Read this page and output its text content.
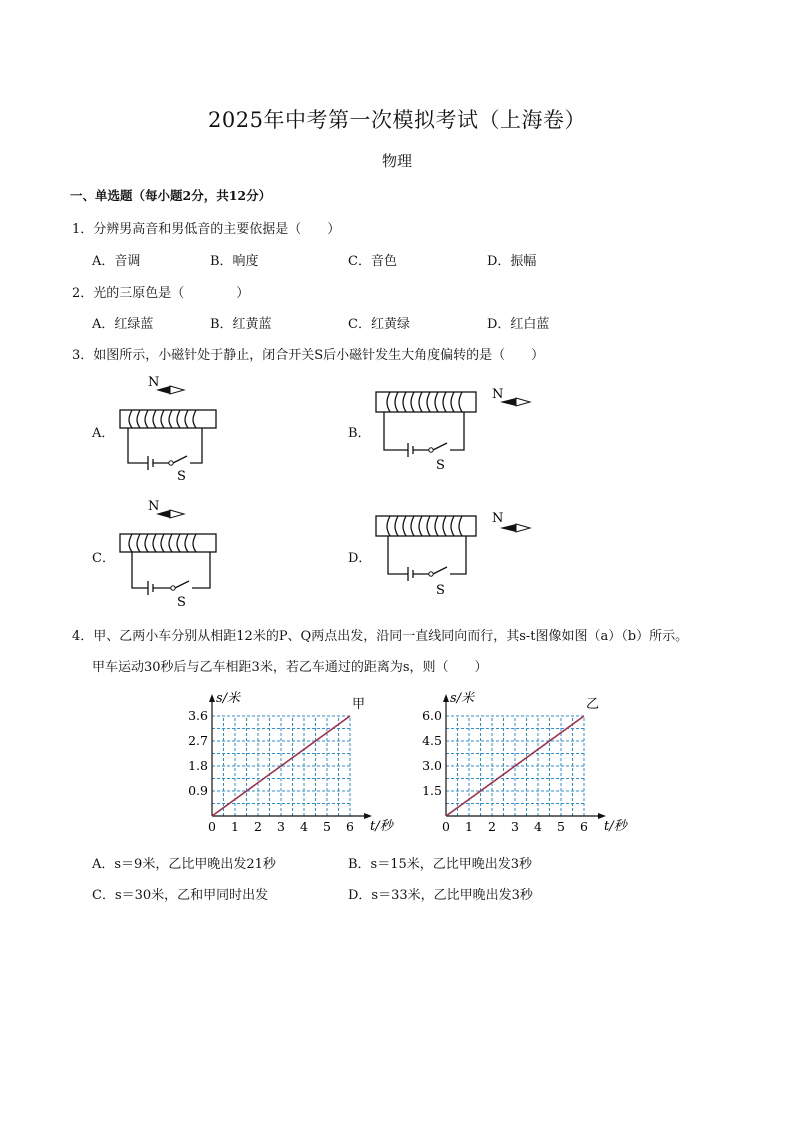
2025年中考第一次模拟考试（上海卷）
物理
一、单选题（每小题2分，共12分）
1．分辨男高音和男低音的主要依据是（　　）
A．音调	B．响度	C．音色	D．振幅
2．光的三原色是（　　　　）
A．红绿蓝	B．红黄蓝	C．红黄绿	D．红白蓝
3．如图所示，小磁针处于静止，闭合开关S后小磁针发生大角度偏转的是（　　）
A．	B．
C．	D．
N
S
N
S
N
S
N
S
4．甲、乙两小车分别从相距12米的P、Q两点出发，沿同一直线同向而行，其s-t图像如图（a）（b）所示。
甲车运动30秒后与乙车相距3米，若乙车通过的距离为s，则（　　）
0 1 2 3 4 5 6
0.9
1.8
2.7
3.6
s/米
t/秒
甲
0 1 2 3 4 5 6
1.5
3.0
4.5
6.0
s/米
t/秒
乙
A．s＝9米，乙比甲晚出发21秒	B．s＝15米，乙比甲晚出发3秒
C．s＝30米，乙和甲同时出发	D．s＝33米，乙比甲晚出发3秒
